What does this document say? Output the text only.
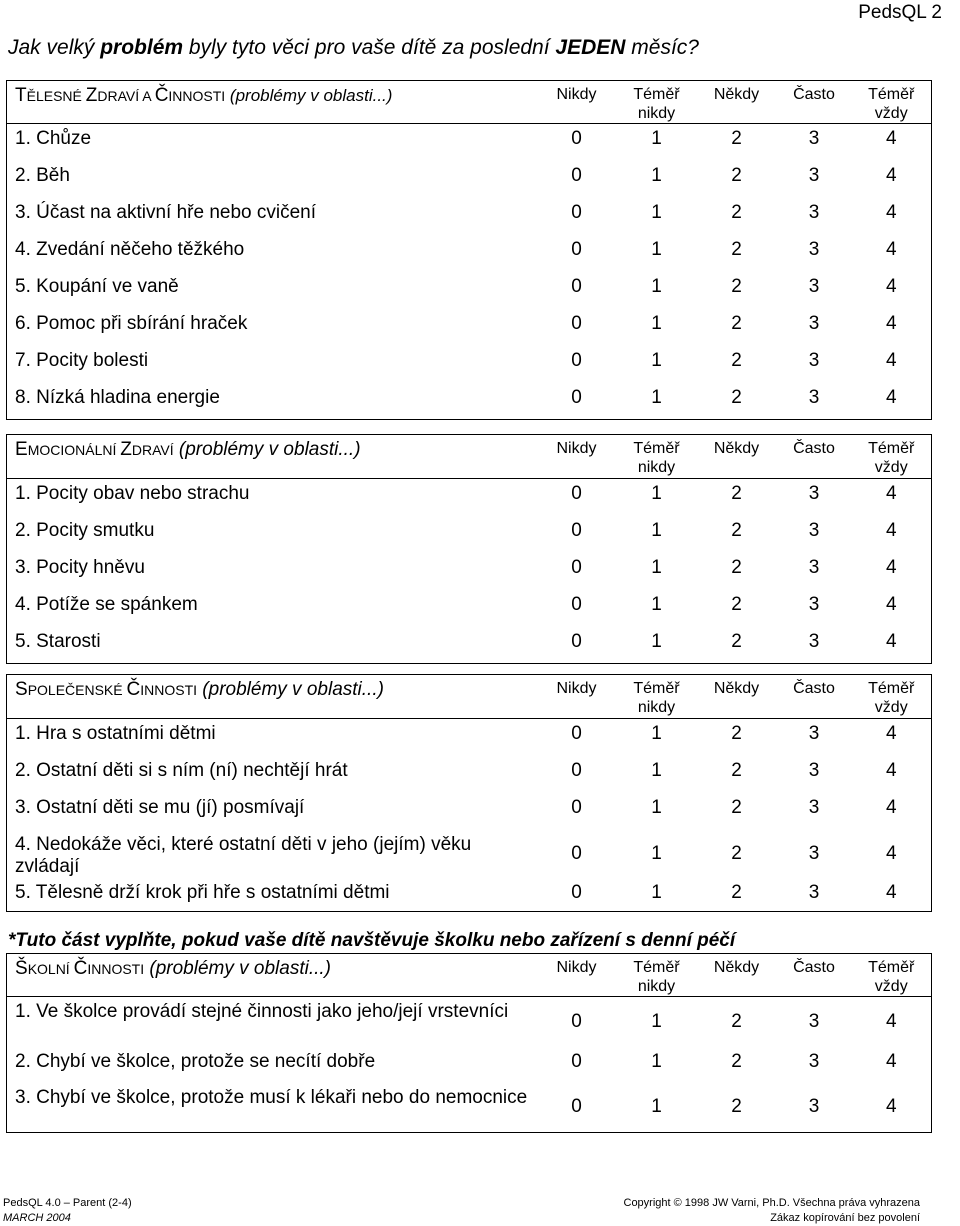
PedsQL 2
Jak velký problém byly tyto věci pro vaše dítě za poslední JEDEN měsíc?
TĚLESNÉ ZDRAVÍ A ČINNOSTI (problémy v oblasti...)	Nikdy	Téměř nikdy	Někdy	Často	Téměř vždy
1. Chůze	0	1	2	3	4
2. Běh	0	1	2	3	4
3. Účast na aktivní hře nebo cvičení	0	1	2	3	4
4. Zvedání něčeho těžkého	0	1	2	3	4
5. Koupání ve vaně	0	1	2	3	4
6. Pomoc při sbírání hraček	0	1	2	3	4
7. Pocity bolesti	0	1	2	3	4
8. Nízká hladina energie	0	1	2	3	4
EMOCIONÁLNÍ ZDRAVÍ (problémy v oblasti...)	Nikdy	Téměř nikdy	Někdy	Často	Téměř vždy
1. Pocity obav nebo strachu	0	1	2	3	4
2. Pocity smutku	0	1	2	3	4
3. Pocity hněvu	0	1	2	3	4
4. Potíže se spánkem	0	1	2	3	4
5. Starosti	0	1	2	3	4
SPOLEČENSKÉ ČINNOSTI (problémy v oblasti...)	Nikdy	Téměř nikdy	Někdy	Často	Téměř vždy
1. Hra s ostatními dětmi	0	1	2	3	4
2. Ostatní děti si s ním (ní) nechtějí hrát	0	1	2	3	4
3. Ostatní děti se mu (jí) posmívají	0	1	2	3	4
4. Nedokáže věci, které ostatní děti v jeho (jejím) věku zvládají	0	1	2	3	4
5. Tělesně drží krok při hře s ostatními dětmi	0	1	2	3	4
ŠKOLNÍ ČINNOSTI (problémy v oblasti...)	Nikdy	Téměř nikdy	Někdy	Často	Téměř vždy
1. Ve školce provádí stejné činnosti jako jeho/její vrstevníci	0	1	2	3	4
2. Chybí ve školce, protože se necítí dobře	0	1	2	3	4
3. Chybí ve školce, protože musí k lékaři nebo do nemocnice	0	1	2	3	4
*Tuto část vyplňte, pokud vaše dítě navštěvuje školku nebo zařízení s denní péčí
PedsQL 4.0 – Parent (2-4)
MARCH 2004
Copyright © 1998 JW Varni, Ph.D. Všechna práva vyhrazena
Zákaz kopírování bez povolení
